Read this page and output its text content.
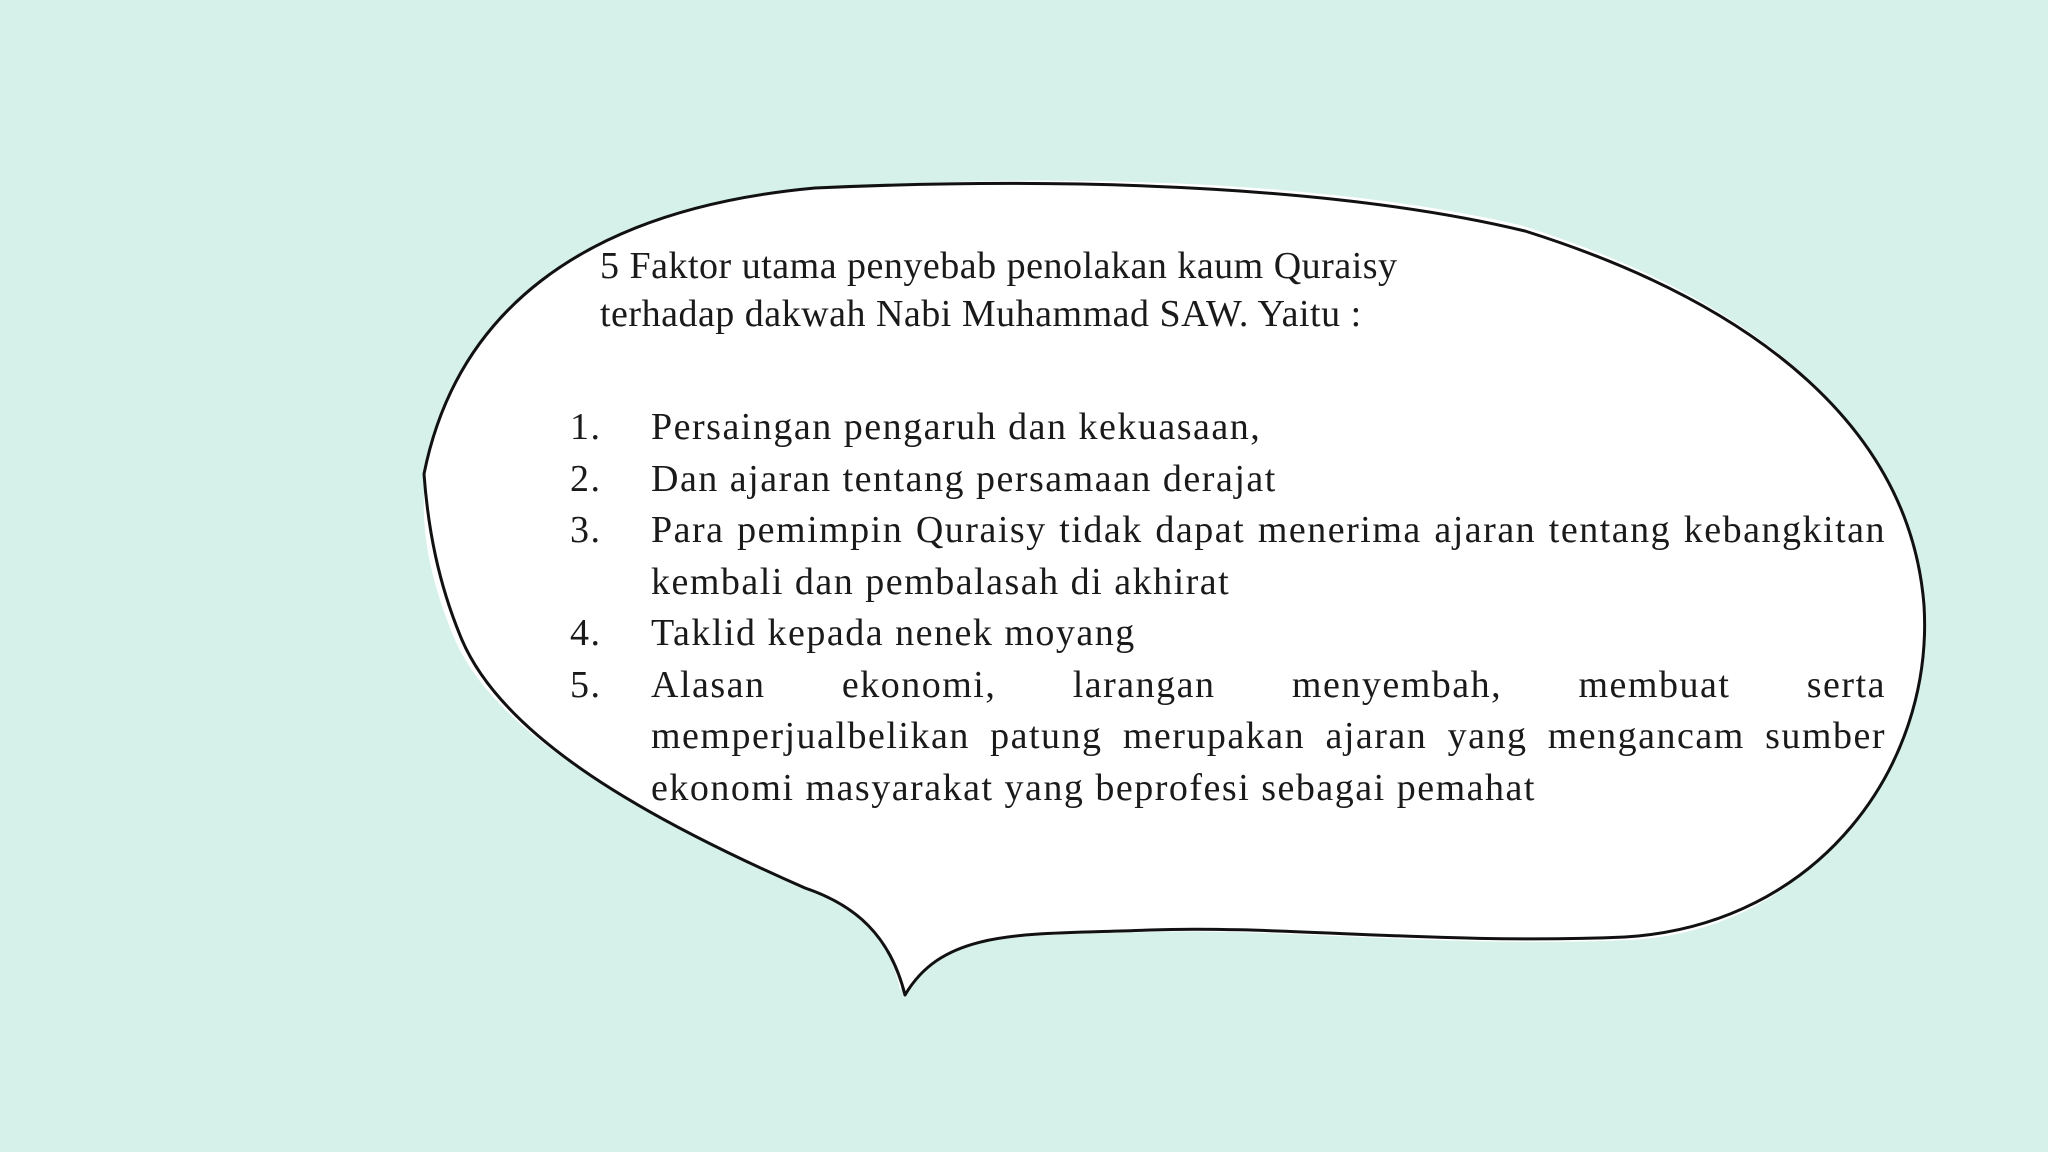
5 Faktor utama penyebab penolakan kaum Quraisy
terhadap dakwah Nabi Muhammad SAW. Yaitu :
1.	Persaingan pengaruh dan kekuasaan,
2.	Dan ajaran tentang persamaan derajat
3.	Para pemimpin Quraisy tidak dapat menerima ajaran tentang kebangkitan kembali dan pembalasah di akhirat
4.	Taklid kepada nenek moyang
5.	Alasan ekonomi, larangan menyembah, membuat serta memperjualbelikan patung merupakan ajaran yang mengancam sumber ekonomi masyarakat yang beprofesi sebagai pemahat
